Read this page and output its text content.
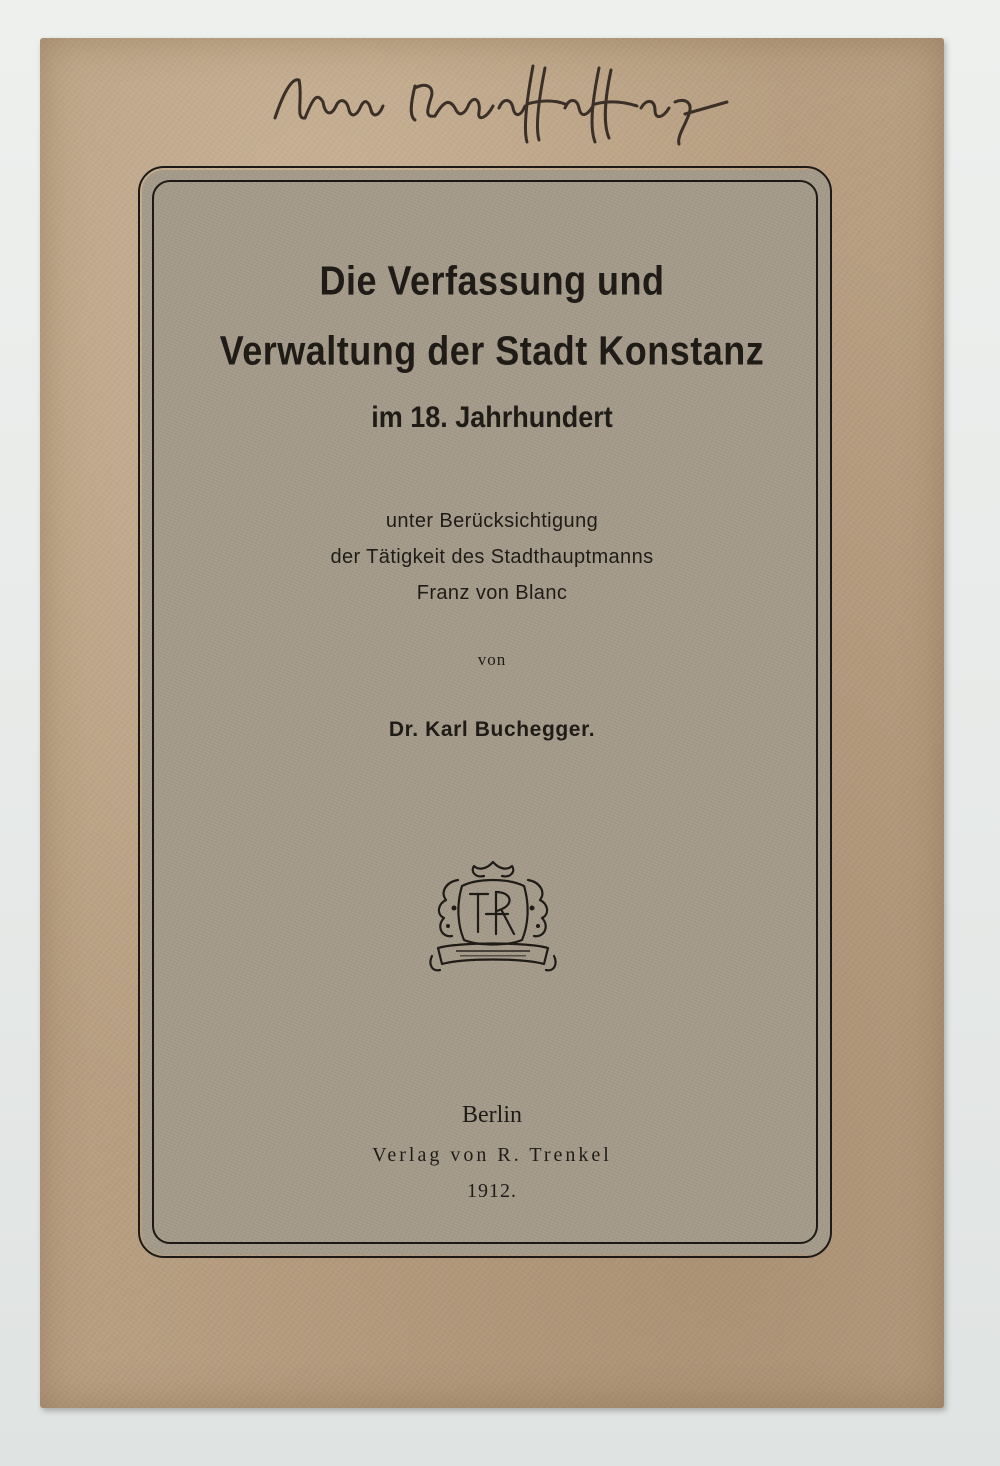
Die Verfassung und
Verwaltung der Stadt Konstanz
im 18. Jahrhundert
unter Berücksichtigung
der Tätigkeit des Stadthauptmanns
Franz von Blanc
von
Dr. Karl Buchegger.
Berlin
Verlag von R. Trenkel
1912.
